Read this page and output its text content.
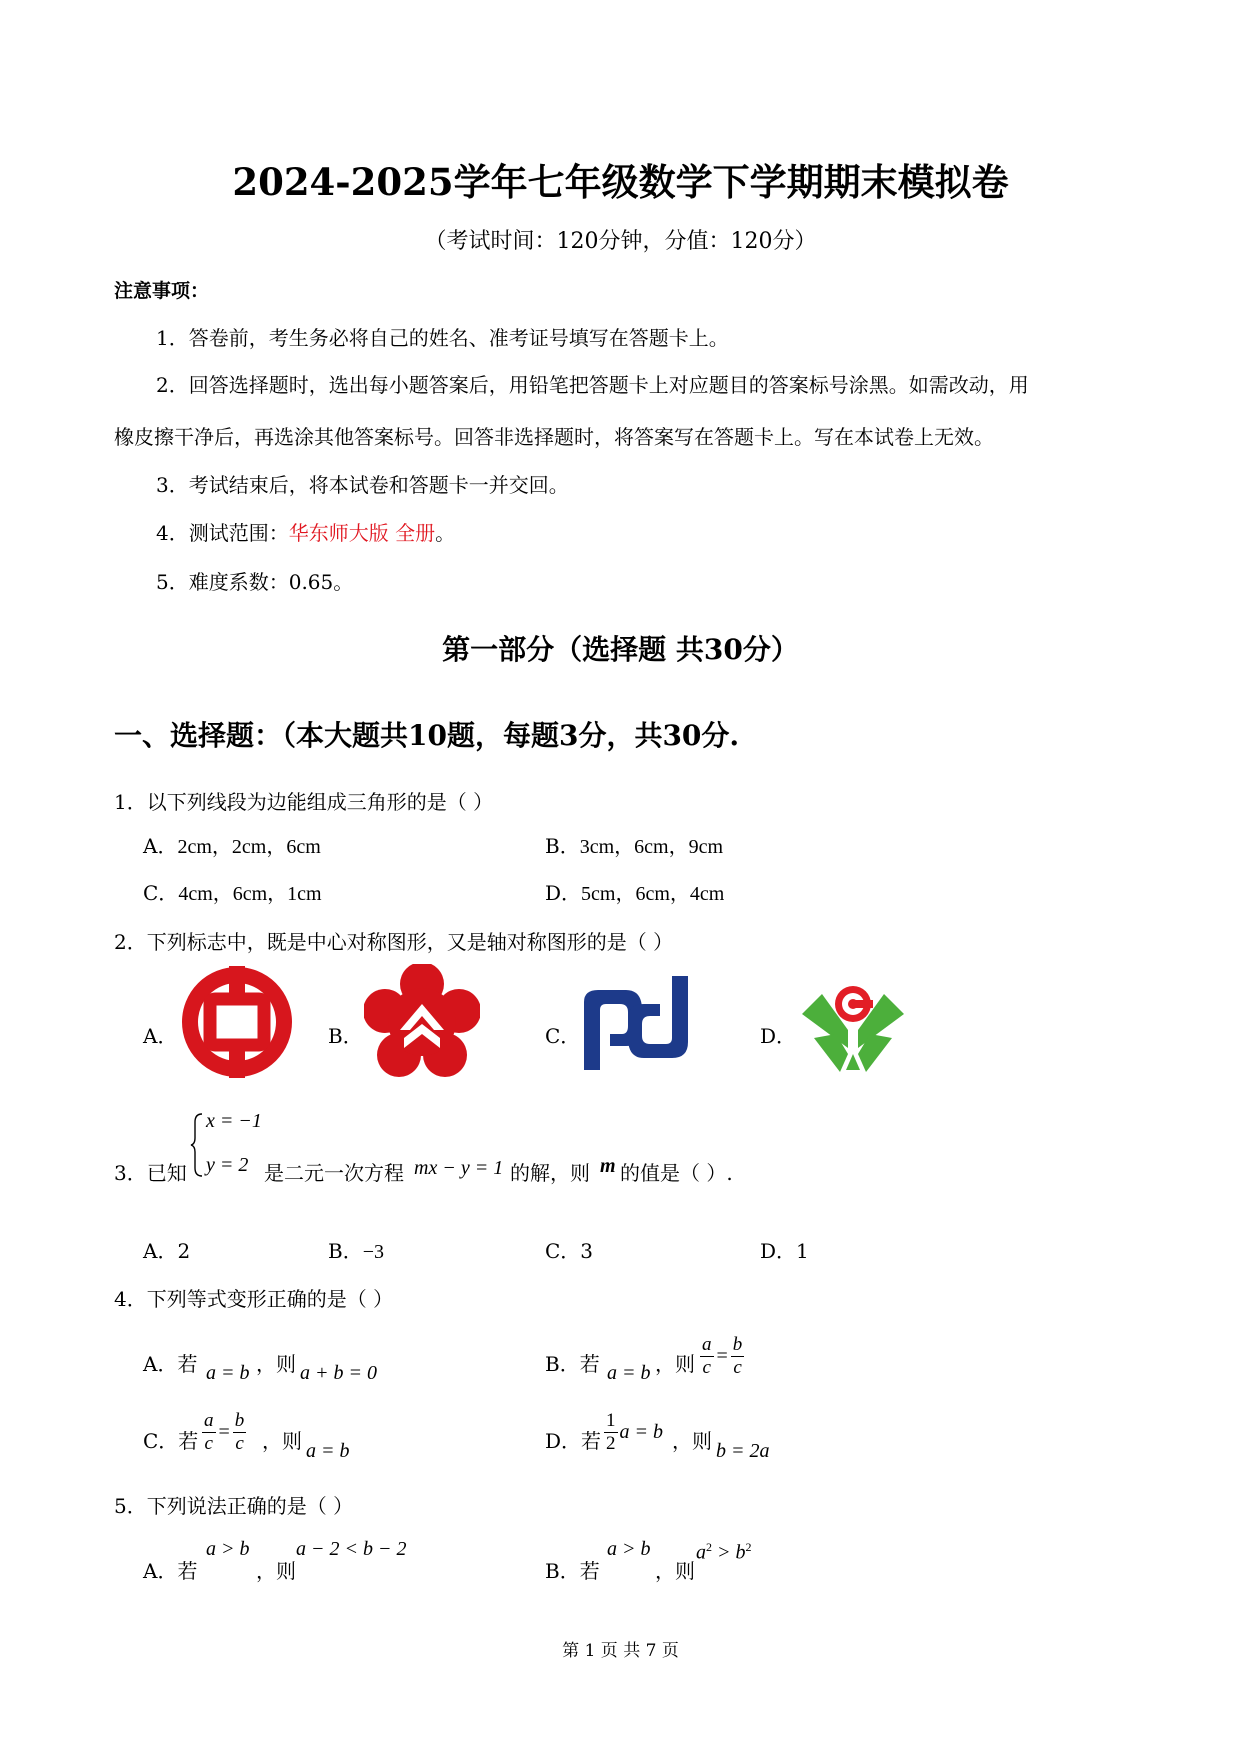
2024-2025学年七年级数学下学期期末模拟卷
（考试时间：120分钟，分值：120分）
注意事项：
1．答卷前，考生务必将自己的姓名、准考证号填写在答题卡上。
2．回答选择题时，选出每小题答案后，用铅笔把答题卡上对应题目的答案标号涂黑。如需改动，用
橡皮擦干净后，再选涂其他答案标号。回答非选择题时，将答案写在答题卡上。写在本试卷上无效。
3．考试结束后，将本试卷和答题卡一并交回。
4．测试范围：华东师大版 全册。
5．难度系数：0.65。
第一部分（选择题 共30分）
一、选择题：（本大题共10题，每题3分，共30分.
1．以下列线段为边能组成三角形的是（ ）
A．2cm，2cm，6cm	B．3cm，6cm，9cm
C．4cm，6cm，1cm	D．5cm，6cm，4cm
2．下列标志中，既是中心对称图形，又是轴对称图形的是（ ）
A．	B．	C．	D．
3．已知
x = −1
y = 2 是二元一次方程 mx − y = 1 的解，则 m 的值是（ ）.
A．2	B．−3	C．3	D．1
4．下列等式变形正确的是（ ）
A．若 a = b ，则 a + b = 0	B．若 a = b ，则 $\frac{a}{c} = \frac{b}{c}$
C．若 $\frac{a}{c} = \frac{b}{c}$ ，则 a = b	D．若 $\frac{1}{2}$ a = b ，则 b = 2a
5．下列说法正确的是（ ）
A．若
a > b
，则
a − 2 < b − 2
B．若
a > b
，则
$a^2 > b^2$
第 1 页 共 7 页
